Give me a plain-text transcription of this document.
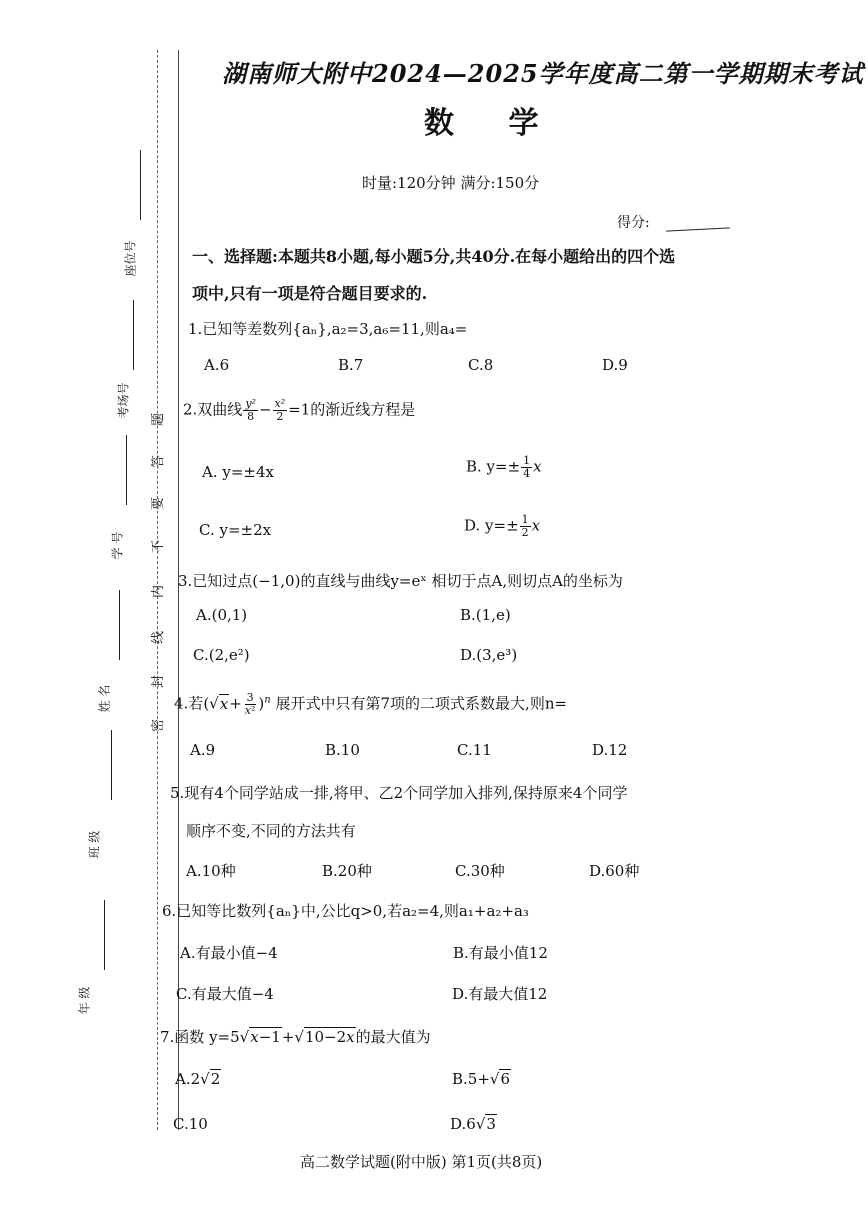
座位号
考场号
学 号
姓 名
班 级
年 级
题
答
要
不
内
线
封
密
湖南师大附中2024—2025学年度高二第一学期期末考试
数 学
时量:120分钟 满分:150分
得分:
一、选择题:本题共8小题,每小题5分,共40分.在每小题给出的四个选
项中,只有一项是符合题目要求的.
1.已知等差数列{aₙ},a₂=3,a₆=11,则a₄=
A.6	B.7	C.8	D.9
2.双曲线 $\frac{\text{y²}}{8} - \frac{\text{x²}}{2} =1$的渐近线方程是
A. y=±4x	B. $y=\pm \frac{1}{4}$ x
C. y=±2x	D. $y=\pm \frac{1}{2}$ x
3.已知过点(−1,0)的直线与曲线y=eˣ 相切于点A,则切点A的坐标为
A.(0,1)	B.(1,e)
C.(2,e²)	D.(3,e³)
4.若$(√x+ \frac{3}{\text{x²}} )^n$ 展开式中只有第7项的二项式系数最大,则n=
A.9	B.10	C.11	D.12
5.现有4个同学站成一排,将甲、乙2个同学加入排列,保持原来4个同学
顺序不变,不同的方法共有
A.10种	B.20种	C.30种	D.60种
6.已知等比数列{aₙ}中,公比q>0,若a₂=4,则a₁+a₂+a₃
A.有最小值−4	B.有最小值12
C.有最大值−4	D.有最大值12
7.函数 y=5√x−1+√10−2x的最大值为
A.2√2	B.5+√6
C.10	D.6√3
高二数学试题(附中版) 第1页(共8页)
